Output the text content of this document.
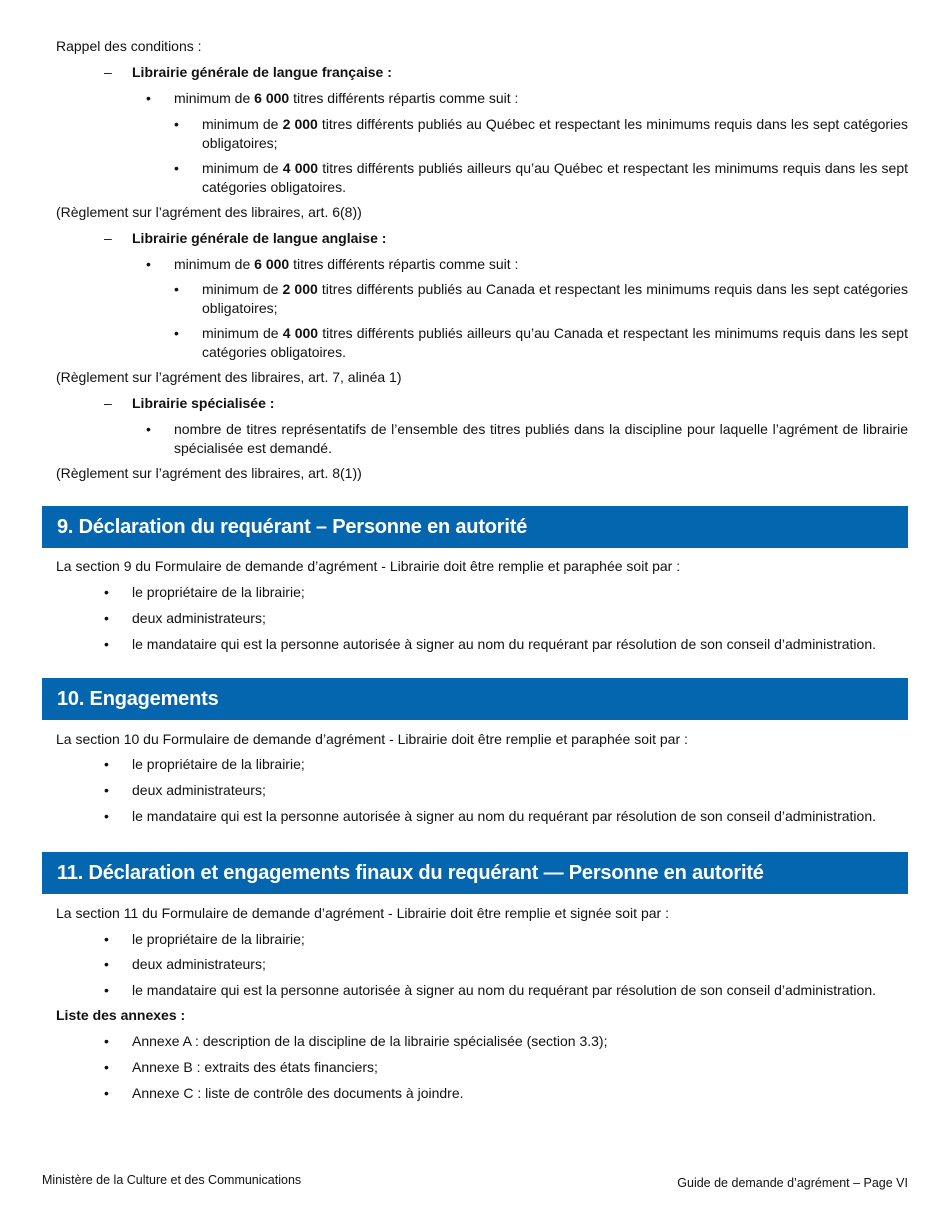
Rappel des conditions :
– Librairie générale de langue française :
• minimum de 6 000 titres différents répartis comme suit :
• minimum de 2 000 titres différents publiés au Québec et respectant les minimums requis dans les sept catégories obligatoires;
• minimum de 4 000 titres différents publiés ailleurs qu’au Québec et respectant les minimums requis dans les sept catégories obligatoires.
(Règlement sur l’agrément des libraires, art. 6(8))
– Librairie générale de langue anglaise :
• minimum de 6 000 titres différents répartis comme suit :
• minimum de 2 000 titres différents publiés au Canada et respectant les minimums requis dans les sept catégories obligatoires;
• minimum de 4 000 titres différents publiés ailleurs qu’au Canada et respectant les minimums requis dans les sept catégories obligatoires.
(Règlement sur l’agrément des libraires, art. 7, alinéa 1)
– Librairie spécialisée :
• nombre de titres représentatifs de l’ensemble des titres publiés dans la discipline pour laquelle l’agrément de librairie spécialisée est demandé.
(Règlement sur l’agrément des libraires, art. 8(1))
9. Déclaration du requérant – Personne en autorité
La section 9 du Formulaire de demande d’agrément - Librairie doit être remplie et paraphée soit par :
• le propriétaire de la librairie;
• deux administrateurs;
• le mandataire qui est la personne autorisée à signer au nom du requérant par résolution de son conseil d’administration.
10. Engagements
La section 10 du Formulaire de demande d’agrément - Librairie doit être remplie et paraphée soit par :
• le propriétaire de la librairie;
• deux administrateurs;
• le mandataire qui est la personne autorisée à signer au nom du requérant par résolution de son conseil d’administration.
11. Déclaration et engagements finaux du requérant — Personne en autorité
La section 11 du Formulaire de demande d’agrément - Librairie doit être remplie et signée soit par :
• le propriétaire de la librairie;
• deux administrateurs;
• le mandataire qui est la personne autorisée à signer au nom du requérant par résolution de son conseil d’administration.
Liste des annexes :
• Annexe A : description de la discipline de la librairie spécialisée (section 3.3);
• Annexe B : extraits des états financiers;
• Annexe C : liste de contrôle des documents à joindre.
Ministère de la Culture et des Communications	Guide de demande d’agrément – Page VI
